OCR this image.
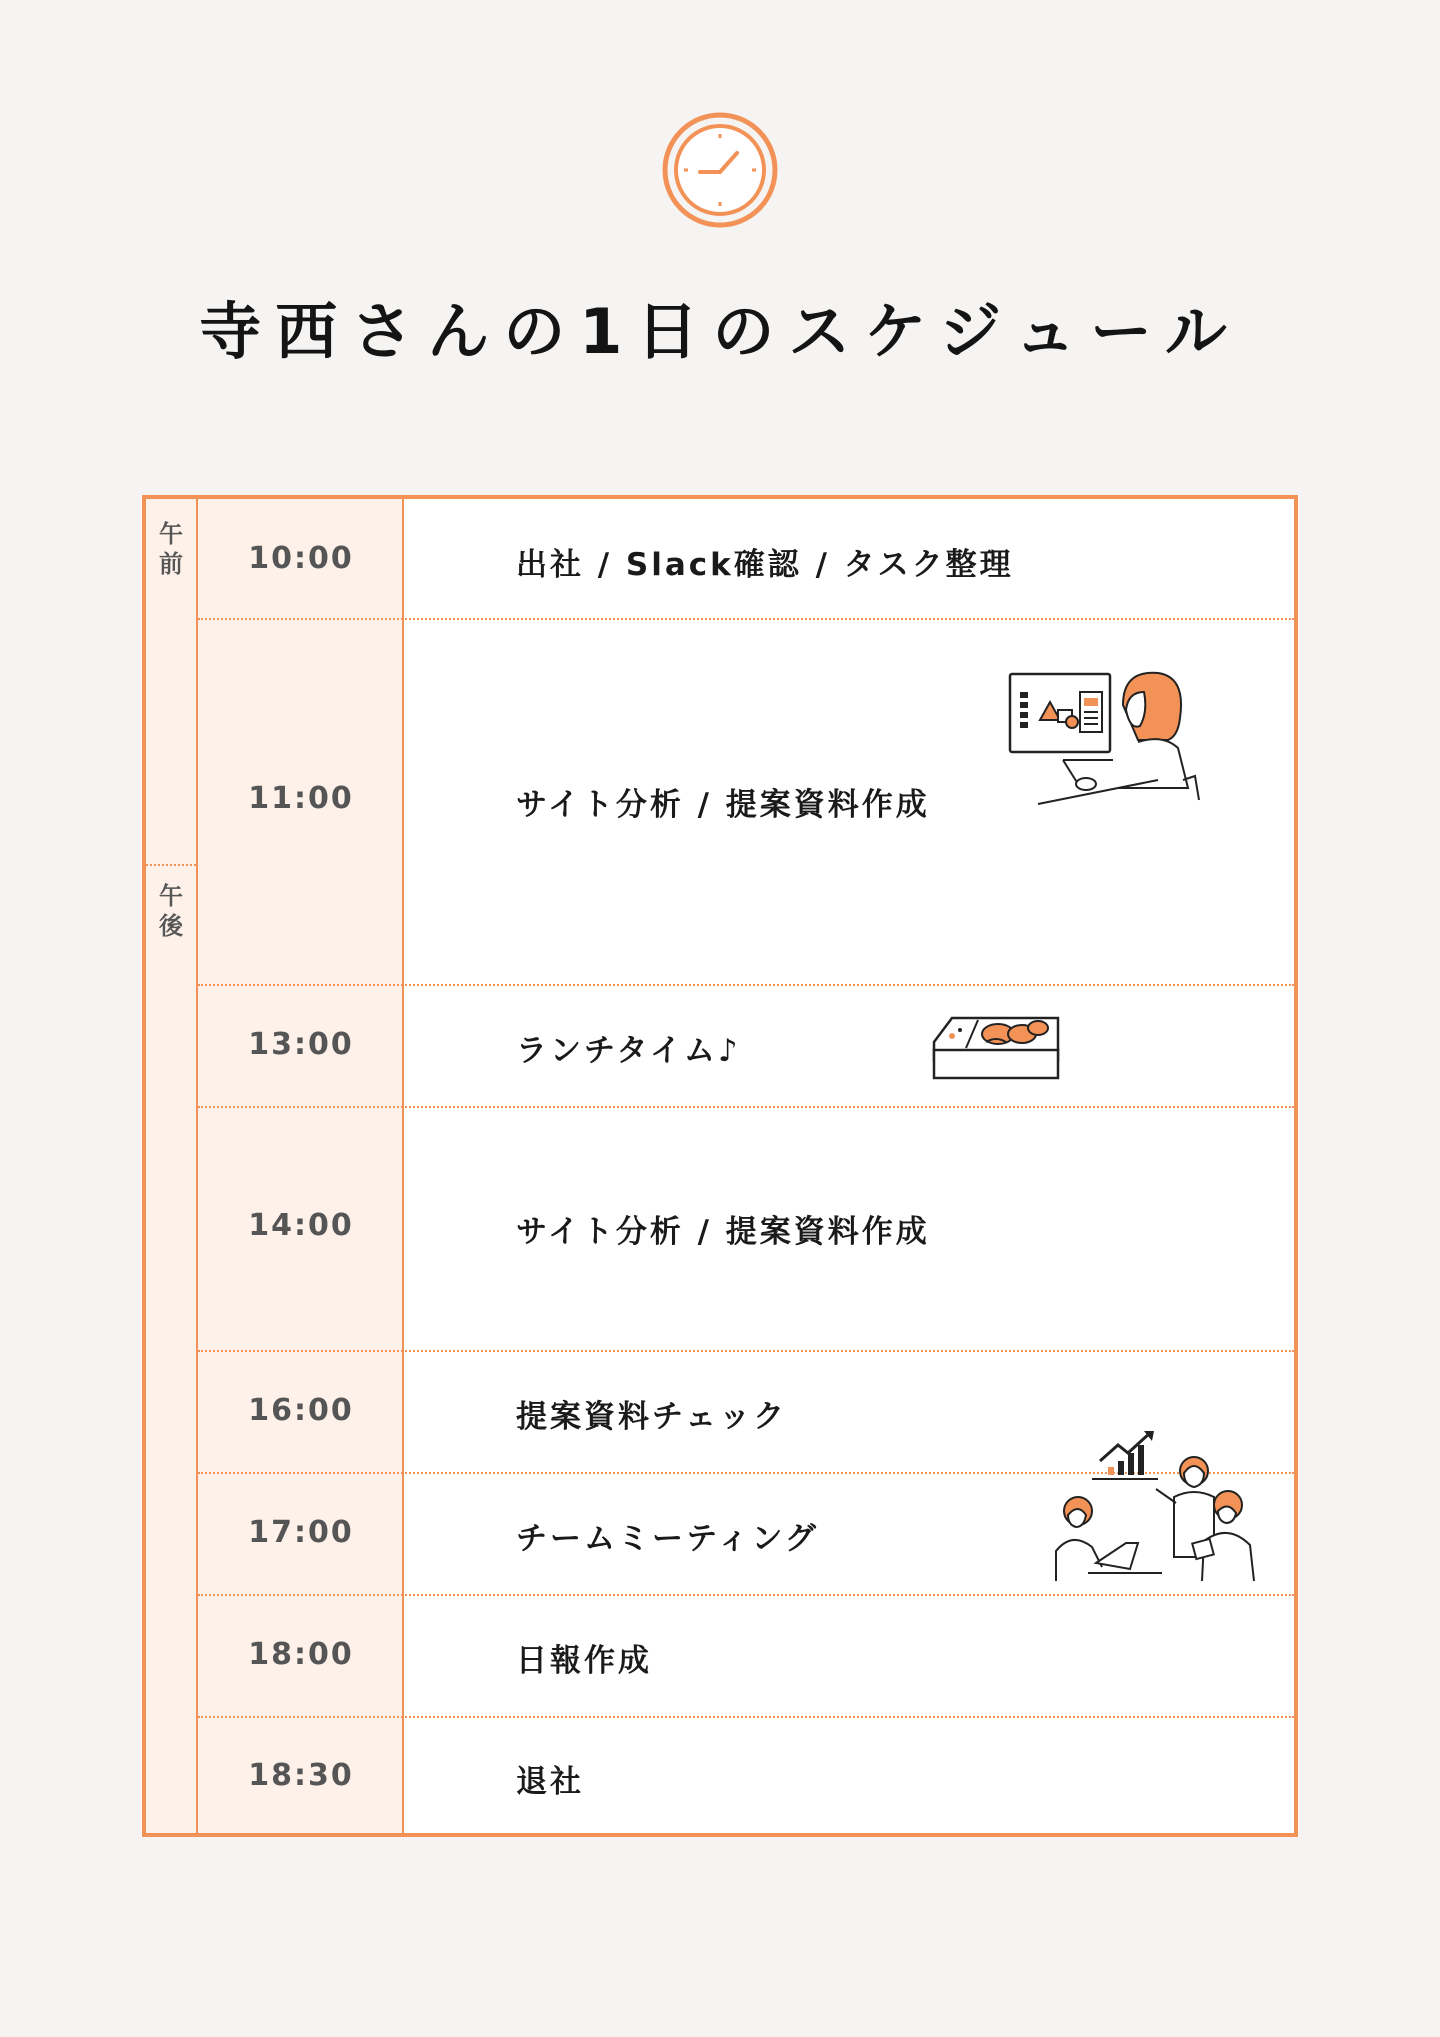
寺西さんの1日のスケジュール
午
前
午
後
10:00	出社 / Slack確認 / タスク整理
11:00	サイト分析 / 提案資料作成
13:00	ランチタイム♪
14:00	サイト分析 / 提案資料作成
16:00	提案資料チェック
17:00	チームミーティング
18:00	日報作成
18:30	退社
